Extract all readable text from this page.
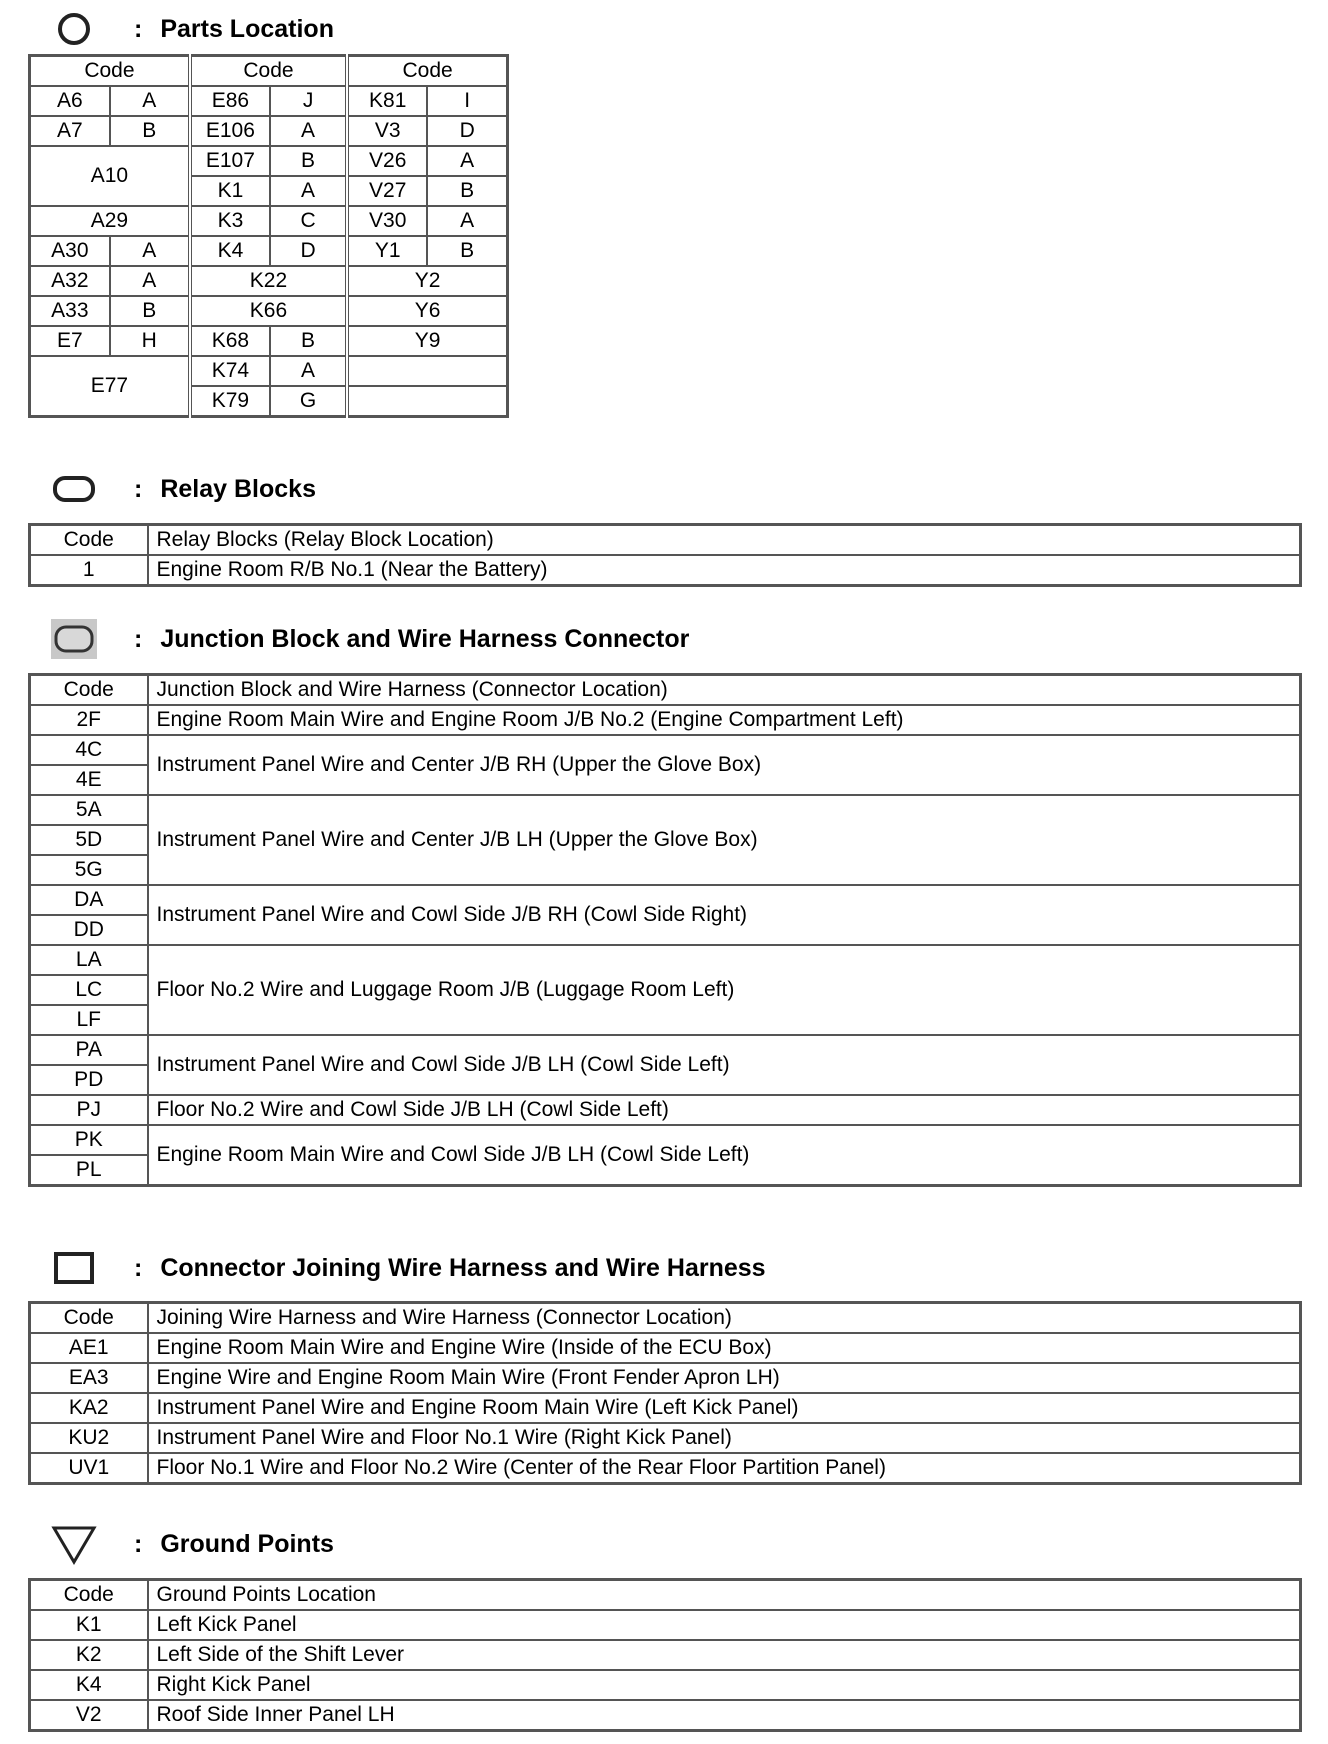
: Parts Location
Code		Code		Code	
A6	A	E86	J	K81	I
A7	B	E106	A	V3	D
A10		E107	B	V26	A
		K1	A	V27	B
A29		K3	C	V30	A
A30	A	K4	D	Y1	B
A32	A	K22		Y2	
A33	B	K66		Y6	
E7	H	K68	B	Y9	
E77		K74	A		
		K79	G		
: Relay Blocks
Code	Relay Blocks (Relay Block Location)
1	Engine Room R/B No.1 (Near the Battery)
: Junction Block and Wire Harness Connector
Code	Junction Block and Wire Harness (Connector Location)
2F	Engine Room Main Wire and Engine Room J/B No.2 (Engine Compartment Left)
4C	Instrument Panel Wire and Center J/B RH (Upper the Glove Box)
4E	
5A	Instrument Panel Wire and Center J/B LH (Upper the Glove Box)
5D	
5G	
DA	Instrument Panel Wire and Cowl Side J/B RH (Cowl Side Right)
DD	
LA	Floor No.2 Wire and Luggage Room J/B (Luggage Room Left)
LC	
LF	
PA	Instrument Panel Wire and Cowl Side J/B LH (Cowl Side Left)
PD	
PJ	Floor No.2 Wire and Cowl Side J/B LH (Cowl Side Left)
PK	Engine Room Main Wire and Cowl Side J/B LH (Cowl Side Left)
PL	
: Connector Joining Wire Harness and Wire Harness
Code	Joining Wire Harness and Wire Harness (Connector Location)
AE1	Engine Room Main Wire and Engine Wire (Inside of the ECU Box)
EA3	Engine Wire and Engine Room Main Wire (Front Fender Apron LH)
KA2	Instrument Panel Wire and Engine Room Main Wire (Left Kick Panel)
KU2	Instrument Panel Wire and Floor No.1 Wire (Right Kick Panel)
UV1	Floor No.1 Wire and Floor No.2 Wire (Center of the Rear Floor Partition Panel)
: Ground Points
Code	Ground Points Location
K1	Left Kick Panel
K2	Left Side of the Shift Lever
K4	Right Kick Panel
V2	Roof Side Inner Panel LH
